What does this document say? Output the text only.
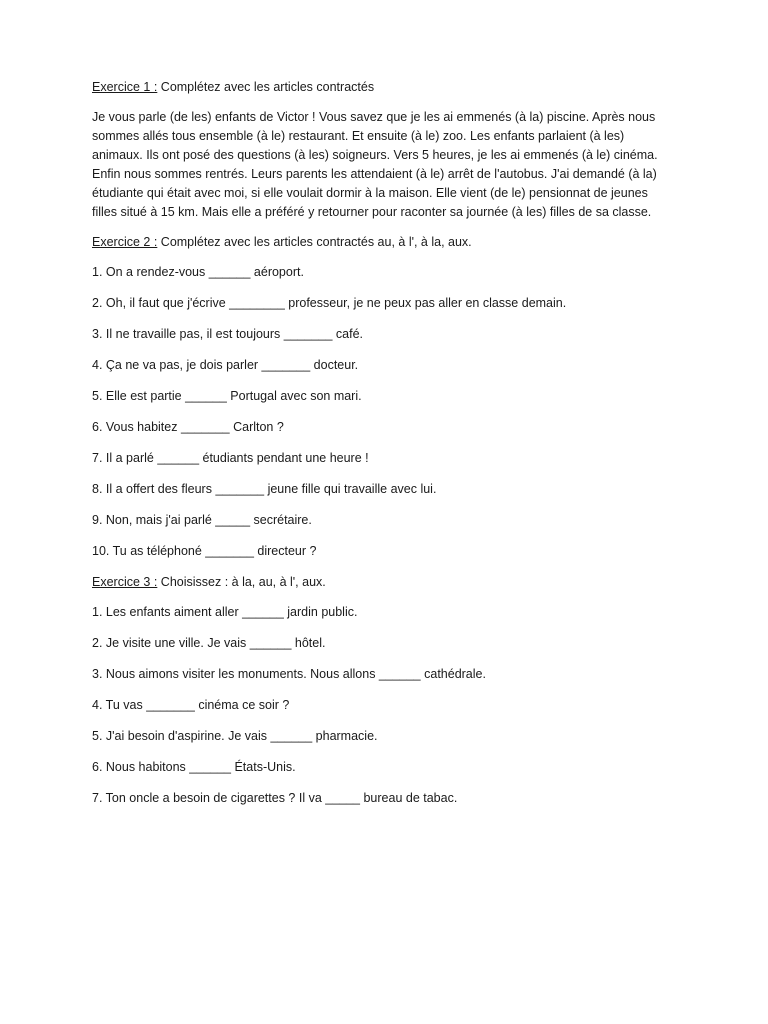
Exercice 1 : Complétez avec les articles contractés
Je vous parle (de les) enfants de Victor ! Vous savez que je les ai emmenés (à la) piscine. Après nous
sommes allés tous ensemble (à le) restaurant. Et ensuite (à le) zoo. Les enfants parlaient (à les)
animaux. Ils ont posé des questions (à les) soigneurs. Vers 5 heures, je les ai emmenés (à le) cinéma.
Enfin nous sommes rentrés. Leurs parents les attendaient (à le) arrêt de l'autobus. J'ai demandé (à la)
étudiante qui était avec moi, si elle voulait dormir à la maison. Elle vient (de le) pensionnat de jeunes
filles situé à 15 km. Mais elle a préféré y retourner pour raconter sa journée (à les) filles de sa classe.
Exercice 2 : Complétez avec les articles contractés au, à l', à la, aux.
1. On a rendez-vous ______ aéroport.
2. Oh, il faut que j'écrive ________ professeur, je ne peux pas aller en classe demain.
3. Il ne travaille pas, il est toujours _______ café.
4. Ça ne va pas, je dois parler _______ docteur.
5. Elle est partie ______ Portugal avec son mari.
6. Vous habitez _______ Carlton ?
7. Il a parlé ______ étudiants pendant une heure !
8. Il a offert des fleurs _______ jeune fille qui travaille avec lui.
9. Non, mais j'ai parlé _____ secrétaire.
10. Tu as téléphoné _______ directeur ?
Exercice 3 : Choisissez : à la, au, à l', aux.
1. Les enfants aiment aller ______ jardin public.
2. Je visite une ville. Je vais ______ hôtel.
3. Nous aimons visiter les monuments. Nous allons ______ cathédrale.
4. Tu vas _______ cinéma ce soir ?
5. J'ai besoin d'aspirine. Je vais ______ pharmacie.
6. Nous habitons ______ États-Unis.
7. Ton oncle a besoin de cigarettes ? Il va _____ bureau de tabac.
